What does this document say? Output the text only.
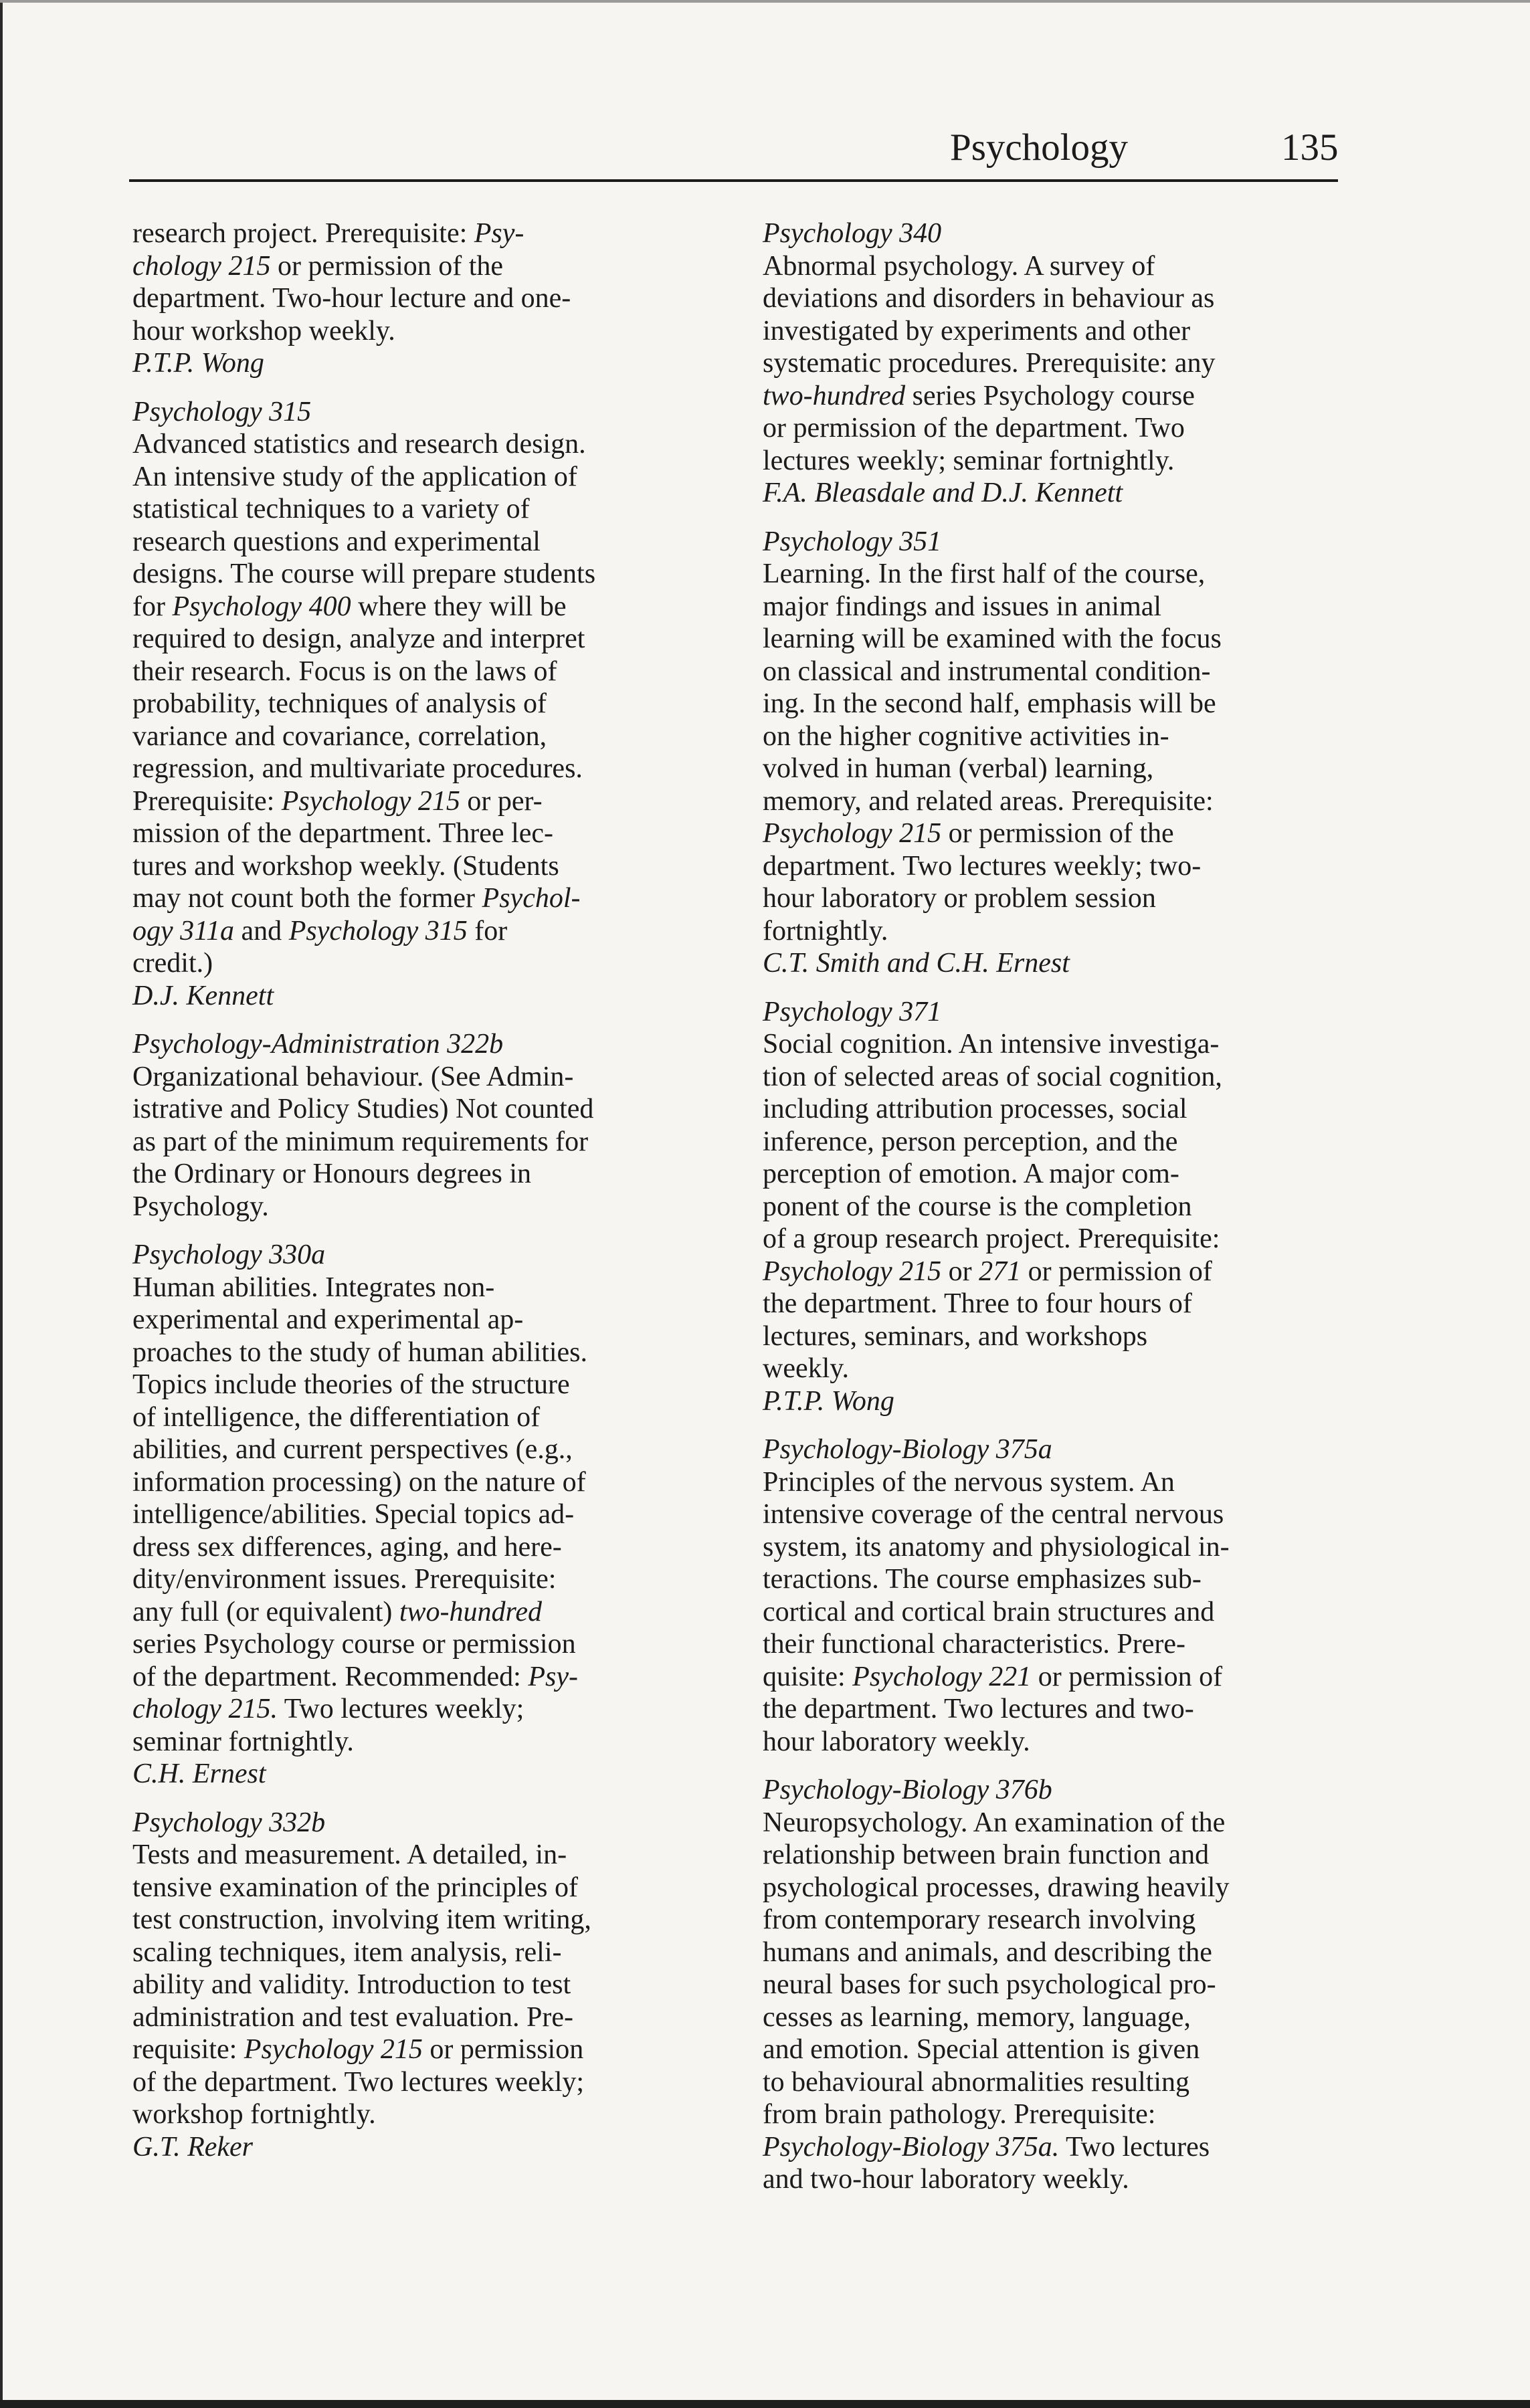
Psychology	135
research project. Prerequisite: Psy-
chology 215 or permission of the
department. Two-hour lecture and one-
hour workshop weekly.
P.T.P. Wong
Psychology 315
Advanced statistics and research design.
An intensive study of the application of
statistical techniques to a variety of
research questions and experimental
designs. The course will prepare students
for Psychology 400 where they will be
required to design, analyze and interpret
their research. Focus is on the laws of
probability, techniques of analysis of
variance and covariance, correlation,
regression, and multivariate procedures.
Prerequisite: Psychology 215 or per-
mission of the department. Three lec-
tures and workshop weekly. (Students
may not count both the former Psychol-
ogy 311a and Psychology 315 for
credit.)
D.J. Kennett
Psychology-Administration 322b
Organizational behaviour. (See Admin-
istrative and Policy Studies) Not counted
as part of the minimum requirements for
the Ordinary or Honours degrees in
Psychology.
Psychology 330a
Human abilities. Integrates non-
experimental and experimental ap-
proaches to the study of human abilities.
Topics include theories of the structure
of intelligence, the differentiation of
abilities, and current perspectives (e.g.,
information processing) on the nature of
intelligence/abilities. Special topics ad-
dress sex differences, aging, and here-
dity/environment issues. Prerequisite:
any full (or equivalent) two-hundred
series Psychology course or permission
of the department. Recommended: Psy-
chology 215. Two lectures weekly;
seminar fortnightly.
C.H. Ernest
Psychology 332b
Tests and measurement. A detailed, in-
tensive examination of the principles of
test construction, involving item writing,
scaling techniques, item analysis, reli-
ability and validity. Introduction to test
administration and test evaluation. Pre-
requisite: Psychology 215 or permission
of the department. Two lectures weekly;
workshop fortnightly.
G.T. Reker
Psychology 340
Abnormal psychology. A survey of
deviations and disorders in behaviour as
investigated by experiments and other
systematic procedures. Prerequisite: any
two-hundred series Psychology course
or permission of the department. Two
lectures weekly; seminar fortnightly.
F.A. Bleasdale and D.J. Kennett
Psychology 351
Learning. In the first half of the course,
major findings and issues in animal
learning will be examined with the focus
on classical and instrumental condition-
ing. In the second half, emphasis will be
on the higher cognitive activities in-
volved in human (verbal) learning,
memory, and related areas. Prerequisite:
Psychology 215 or permission of the
department. Two lectures weekly; two-
hour laboratory or problem session
fortnightly.
C.T. Smith and C.H. Ernest
Psychology 371
Social cognition. An intensive investiga-
tion of selected areas of social cognition,
including attribution processes, social
inference, person perception, and the
perception of emotion. A major com-
ponent of the course is the completion
of a group research project. Prerequisite:
Psychology 215 or 271 or permission of
the department. Three to four hours of
lectures, seminars, and workshops
weekly.
P.T.P. Wong
Psychology-Biology 375a
Principles of the nervous system. An
intensive coverage of the central nervous
system, its anatomy and physiological in-
teractions. The course emphasizes sub-
cortical and cortical brain structures and
their functional characteristics. Prere-
quisite: Psychology 221 or permission of
the department. Two lectures and two-
hour laboratory weekly.
Psychology-Biology 376b
Neuropsychology. An examination of the
relationship between brain function and
psychological processes, drawing heavily
from contemporary research involving
humans and animals, and describing the
neural bases for such psychological pro-
cesses as learning, memory, language,
and emotion. Special attention is given
to behavioural abnormalities resulting
from brain pathology. Prerequisite:
Psychology-Biology 375a. Two lectures
and two-hour laboratory weekly.
